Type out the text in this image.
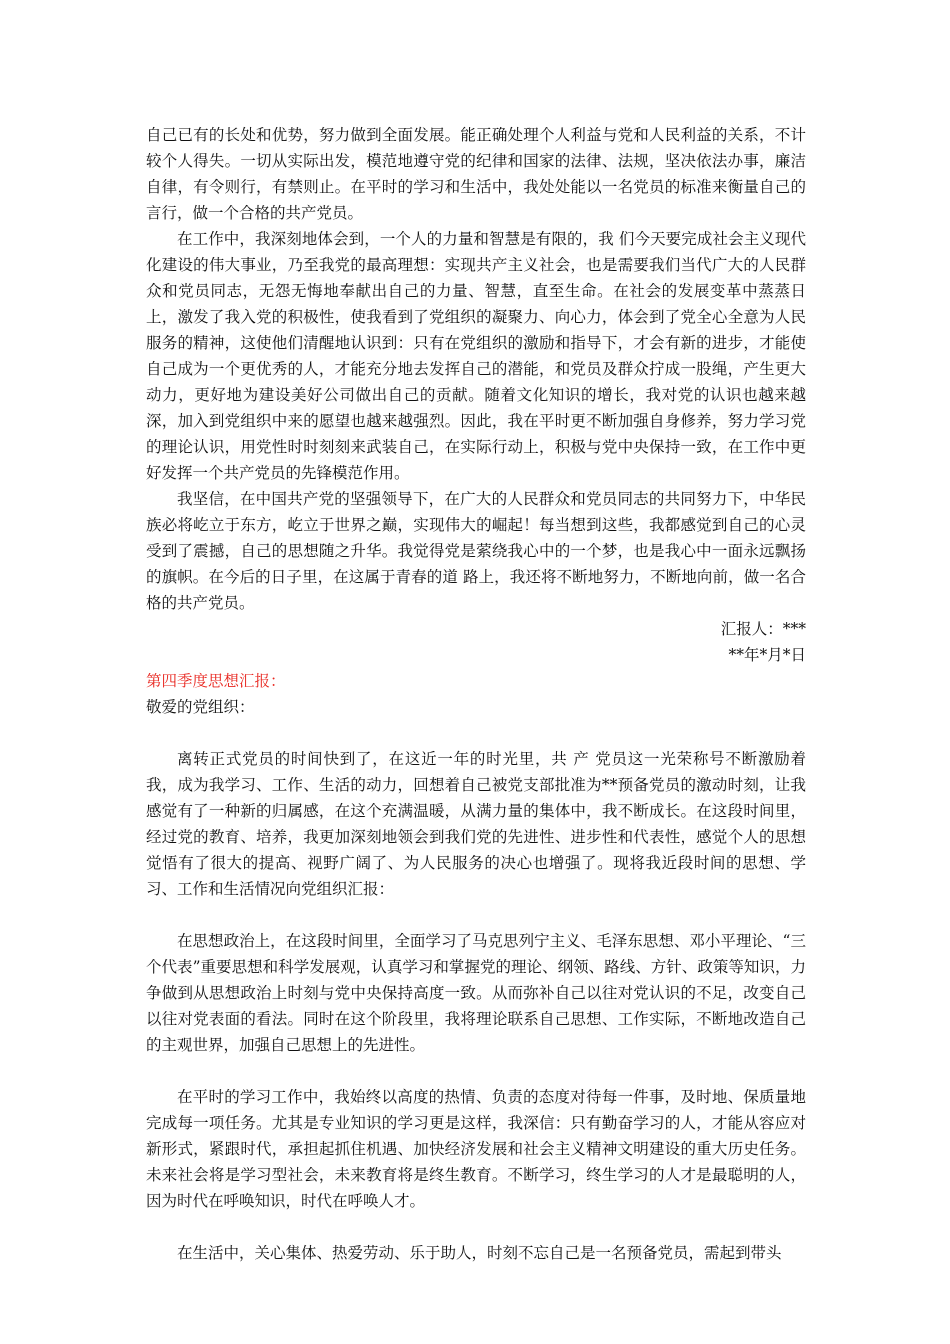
自己已有的长处和优势，努力做到全面发展。能正确处理个人利益与党和人民利益的关系，不计较个人得失。一切从实际出发，模范地遵守党的纪律和国家的法律、法规，坚决依法办事，廉洁自律，有令则行，有禁则止。在平时的学习和生活中，我处处能以一名党员的标准来衡量自己的言行，做一个合格的共产党员。

在工作中，我深刻地体会到，一个人的力量和智慧是有限的，我 们今天要完成社会主义现代化建设的伟大事业，乃至我党的最高理想：实现共产主义社会，也是需要我们当代广大的人民群众和党员同志，无怨无悔地奉献出自己的力量、智慧，直至生命。在社会的发展变革中蒸蒸日上，激发了我入党的积极性，使我看到了党组织的凝聚力、向心力，体会到了党全心全意为人民服务的精神，这使他们清醒地认识到：只有在党组织的激励和指导下，才会有新的进步，才能使自己成为一个更优秀的人，才能充分地去发挥自己的潜能，和党员及群众拧成一股绳，产生更大动力，更好地为建设美好公司做出自己的贡献。随着文化知识的增长，我对党的认识也越来越深，加入到党组织中来的愿望也越来越强烈。因此，我在平时更不断加强自身修养，努力学习党的理论认识，用党性时时刻刻来武装自己，在实际行动上，积极与党中央保持一致，在工作中更好发挥一个共产党员的先锋模范作用。

我坚信，在中国共产党的坚强领导下，在广大的人民群众和党员同志的共同努力下，中华民族必将屹立于东方，屹立于世界之巅，实现伟大的崛起！每当想到这些，我都感觉到自己的心灵受到了震撼，自己的思想随之升华。我觉得党是萦绕我心中的一个梦，也是我心中一面永远飘扬的旗帜。在今后的日子里，在这属于青春的道 路上，我还将不断地努力，不断地向前，做一名合格的共产党员。

汇报人：***

**年*月*日

第四季度思想汇报：

敬爱的党组织：

离转正式党员的时间快到了，在这近一年的时光里，共 产 党员这一光荣称号不断激励着我，成为我学习、工作、生活的动力，回想着自己被党支部批准为**预备党员的激动时刻，让我感觉有了一种新的归属感，在这个充满温暖，从满力量的集体中，我不断成长。在这段时间里，经过党的教育、培养，我更加深刻地领会到我们党的先进性、进步性和代表性，感觉个人的思想觉悟有了很大的提高、视野广阔了、为人民服务的决心也增强了。现将我近段时间的思想、学习、工作和生活情况向党组织汇报：

在思想政治上，在这段时间里，全面学习了马克思列宁主义、毛泽东思想、邓小平理论、“三个代表”重要思想和科学发展观，认真学习和掌握党的理论、纲领、路线、方针、政策等知识，力争做到从思想政治上时刻与党中央保持高度一致。从而弥补自己以往对党认识的不足，改变自己以往对党表面的看法。同时在这个阶段里，我将理论联系自己思想、工作实际，不断地改造自己的主观世界，加强自己思想上的先进性。

在平时的学习工作中，我始终以高度的热情、负责的态度对待每一件事，及时地、保质量地完成每一项任务。尤其是专业知识的学习更是这样，我深信：只有勤奋学习的人，才能从容应对新形式，紧跟时代，承担起抓住机遇、加快经济发展和社会主义精神文明建设的重大历史任务。未来社会将是学习型社会，未来教育将是终生教育。不断学习，终生学习的人才是最聪明的人，因为时代在呼唤知识，时代在呼唤人才。

在生活中，关心集体、热爱劳动、乐于助人，时刻不忘自己是一名预备党员，需起到带头
